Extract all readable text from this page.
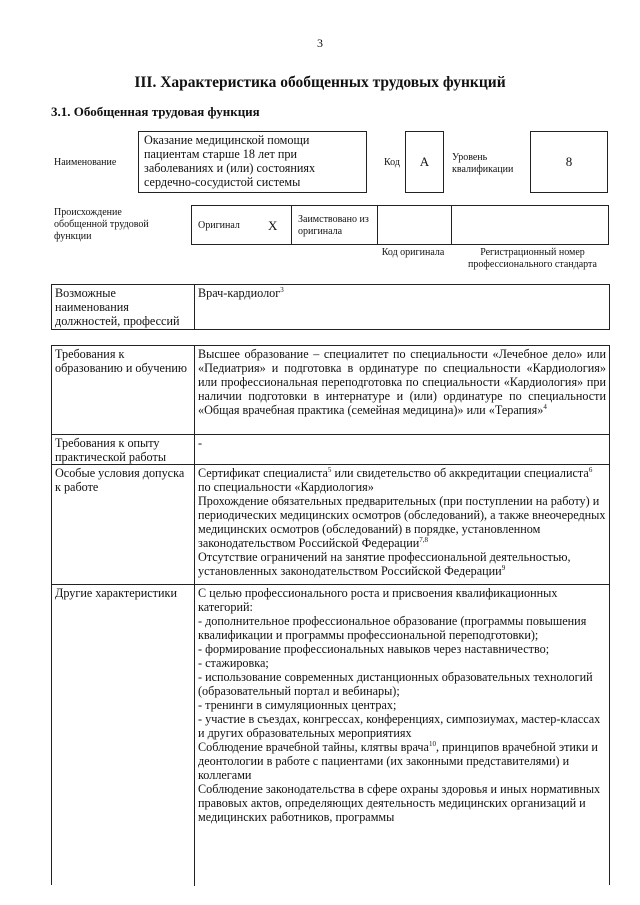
3
III. Характеристика обобщенных трудовых функций
3.1. Обобщенная трудовая функция
Наименование
Оказание медицинской помощи пациентам старше 18 лет при заболеваниях и (или) состояниях сердечно-сосудистой системы
Код А Уровень квалификации
8
Происхождение обобщенной трудовой функции
Оригинал Х Заимствовано из оригинала
Код оригинала	Регистрационный номер профессионального стандарта
Возможные наименования должностей, профессий
Врач-кардиолог$^3$
Требования к образованию и обучению
Высшее образование – специалитет по специальности «Лечебное дело» или «Педиатрия» и подготовка в ординатуре по специальности «Кардиология» или профессиональная переподготовка по специальности «Кардиология» при наличии подготовки в интернатуре и (или) ординатуре по специальности «Общая врачебная практика (семейная медицина)» или «Терапия»$^4$
Требования к опыту практической работы
-
Особые условия допуска к работе
Сертификат специалиста$^5$ или свидетельство об аккредитации специалиста$^6$ по специальности «Кардиология»
Прохождение обязательных предварительных (при поступлении на работу) и периодических медицинских осмотров (обследований), а также внеочередных медицинских осмотров (обследований) в порядке, установленном законодательством Российской Федерации$^{7,8}$
Отсутствие ограничений на занятие профессиональной деятельностью, установленных законодательством Российской Федерации$^9$
Другие характеристики	С целью профессионального роста и присвоения квалификационных категорий:
- дополнительное профессиональное образование (программы повышения квалификации и программы профессиональной переподготовки);
- формирование профессиональных навыков через наставничество;
- стажировка;
- использование современных дистанционных образовательных технологий (образовательный портал и вебинары);
- тренинги в симуляционных центрах;
- участие в съездах, конгрессах, конференциях, симпозиумах, мастер-классах и других образовательных мероприятиях
Соблюдение врачебной тайны, клятвы врача$^{10}$, принципов врачебной этики и деонтологии в работе с пациентами (их законными представителями) и коллегами
Соблюдение законодательства в сфере охраны здоровья и иных нормативных правовых актов, определяющих деятельность медицинских организаций и медицинских работников, программы
